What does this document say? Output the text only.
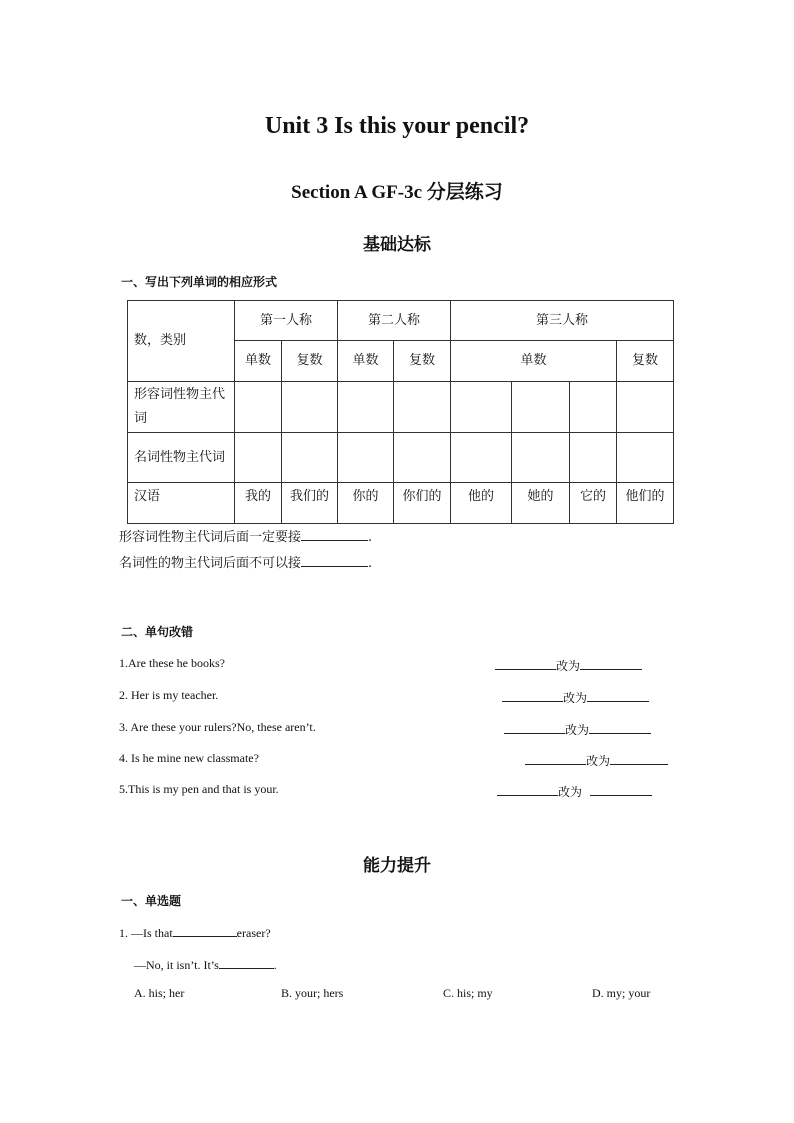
Unit 3 Is this your pencil?
Section A GF-3c 分层练习
基础达标
一、写出下列单词的相应形式
数，类别	第一人称		第二人称		第三人称			
	单数	复数	单数	复数	单数			复数
形容词性物主代词								
名词性物主代词								
汉语	我的	我们的	你的	你们的	他的	她的	它的	他们的
形容词性物主代词后面一定要接	.
名词性的物主代词后面不可以接	.
二、单句改错
1.Are these he books?	改为
2. Her is my teacher.	改为
3. Are these your rulers?No, these aren’t.	改为
4. Is he mine new classmate?	改为
5.This is my pen and that is your.	改为
能力提升
一、单选题
1. —Is that	eraser?
—No, it isn’t. It’s	.
A. his; her	B. your; hers	C. his; my	D. my; your
